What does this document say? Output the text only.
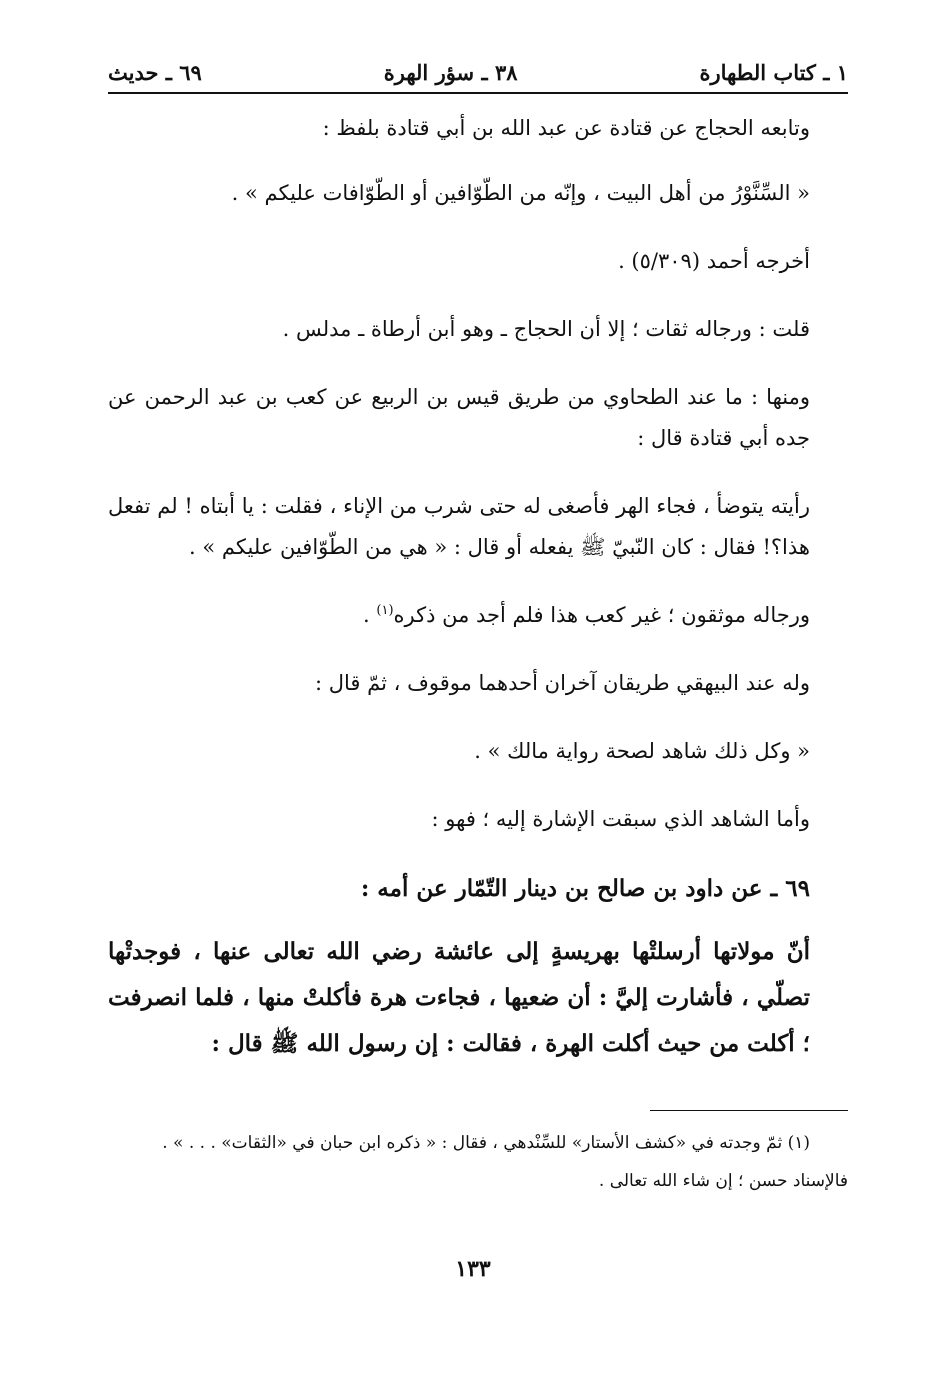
١ ـ كتاب الطهارة
٣٨ ـ سؤر الهرة
٦٩ ـ حديث

وتابعه الحجاج عن قتادة عن عبد الله بن أبي قتادة بلفظ :

« السِّنَّوْرُ من أهل البيت ، وإنّه من الطّوّافين أو الطّوّافات عليكم » .

أخرجه أحمد (٥/٣٠٩) .

قلت : ورجاله ثقات ؛ إلا أن الحجاج ـ وهو أبن أرطاة ـ مدلس .

ومنها : ما عند الطحاوي من طريق قيس بن الربيع عن كعب بن عبد الرحمن عن جده أبي قتادة قال :

رأيته يتوضأ ، فجاء الهر فأصغى له حتى شرب من الإناء ، فقلت : يا أبتاه ! لم تفعل هذا؟! فقال : كان النّبيّ ﷺ يفعله أو قال : « هي من الطّوّافين عليكم » .

ورجاله موثقون ؛ غير كعب هذا فلم أجد من ذكره$^{(١)}$ .

وله عند البيهقي طريقان آخران أحدهما موقوف ، ثمّ قال :

« وكل ذلك شاهد لصحة رواية مالك » .

وأما الشاهد الذي سبقت الإشارة إليه ؛ فهو :

٦٩ ـ عن داود بن صالح بن دينار التّمّار عن أمه :

أنّ مولاتها أرسلتْها بهريسةٍ إلى عائشة رضي الله تعالى عنها ، فوجدتْها تصلّي ، فأشارت إليَّ : أن ضعيها ، فجاءت هرة فأكلتْ منها ، فلما انصرفت ؛ أكلت من حيث أكلت الهرة ، فقالت : إن رسول الله ﷺ قال :

(١) ثمّ وجدته في «كشف الأستار» للسِّنْدهي ، فقال : « ذكره ابن حبان في «الثقات» . . . » .

فالإسناد حسن ؛ إن شاء الله تعالى .

١٣٣
